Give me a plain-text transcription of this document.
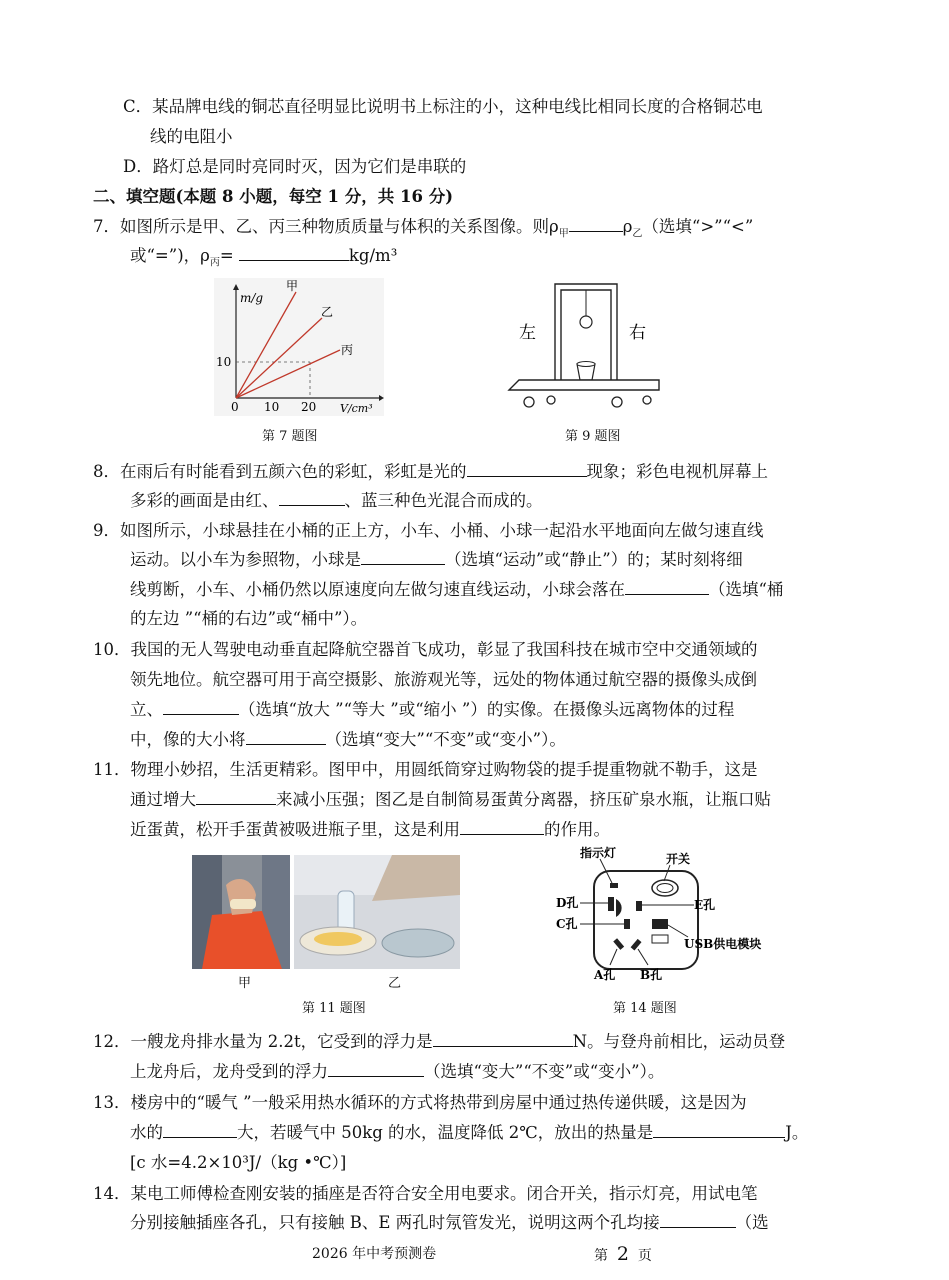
C．某品牌电线的铜芯直径明显比说明书上标注的小，这种电线比相同长度的合格铜芯电
线的电阻小
D．路灯总是同时亮同时灭，因为它们是串联的
二、填空题(本题 8 小题，每空 1 分，共 16 分)
7．如图所示是甲、乙、丙三种物质质量与体积的关系图像。则$\rho_甲$	$\rho_乙$（选填“>”“<”
或“=”)，$\rho_丙=$	kg/m³
m/g
V/cm³
0
10
10 20
甲
乙
丙
第 7 题图
左	右
第 9 题图
8．在雨后有时能看到五颜六色的彩虹，彩虹是光的	现象；彩色电视机屏幕上
多彩的画面是由红、	、蓝三种色光混合而成的。
9．如图所示，小球悬挂在小桶的正上方，小车、小桶、小球一起沿水平地面向左做匀速直线
运动。以小车为参照物，小球是	（选填“运动”或“静止”）的；某时刻将细
线剪断，小车、小桶仍然以原速度向左做匀速直线运动，小球会落在	（选填“桶
的左边 ”“桶的右边”或“桶中”）。
10．我国的无人驾驶电动垂直起降航空器首飞成功，彰显了我国科技在城市空中交通领域的
领先地位。航空器可用于高空摄影、旅游观光等，远处的物体通过航空器的摄像头成倒
立、	（选填“放大 ”“等大 ”或“缩小 ”）的实像。在摄像头远离物体的过程
中，像的大小将	（选填“变大”“不变”或“变小”）。
11．物理小妙招，生活更精彩。图甲中，用圆纸筒穿过购物袋的提手提重物就不勒手，这是
通过增大	来减小压强；图乙是自制简易蛋黄分离器，挤压矿泉水瓶，让瓶口贴
近蛋黄，松开手蛋黄被吸进瓶子里，这是利用	的作用。
甲	乙
第 11 题图
指示灯	开关
D孔	E孔
C孔
USB供电模块
A孔 B孔
第 14 题图
12．一艘龙舟排水量为 2.2t，它受到的浮力是	N。与登舟前相比，运动员登
上龙舟后，龙舟受到的浮力	（选填“变大”“不变”或“变小”）。
13．楼房中的“暖气 ”一般采用热水循环的方式将热带到房屋中通过热传递供暖，这是因为
水的	大，若暖气中 50kg 的水，温度降低 2℃，放出的热量是	J。
[c 水=4.2×10³J/（kg •℃）]
14．某电工师傅检查刚安装的插座是否符合安全用电要求。闭合开关，指示灯亮，用试电笔
分别接触插座各孔，只有接触 B、E 两孔时氖管发光，说明这两个孔均接	（选
2026 年中考预测卷	第 2 页
